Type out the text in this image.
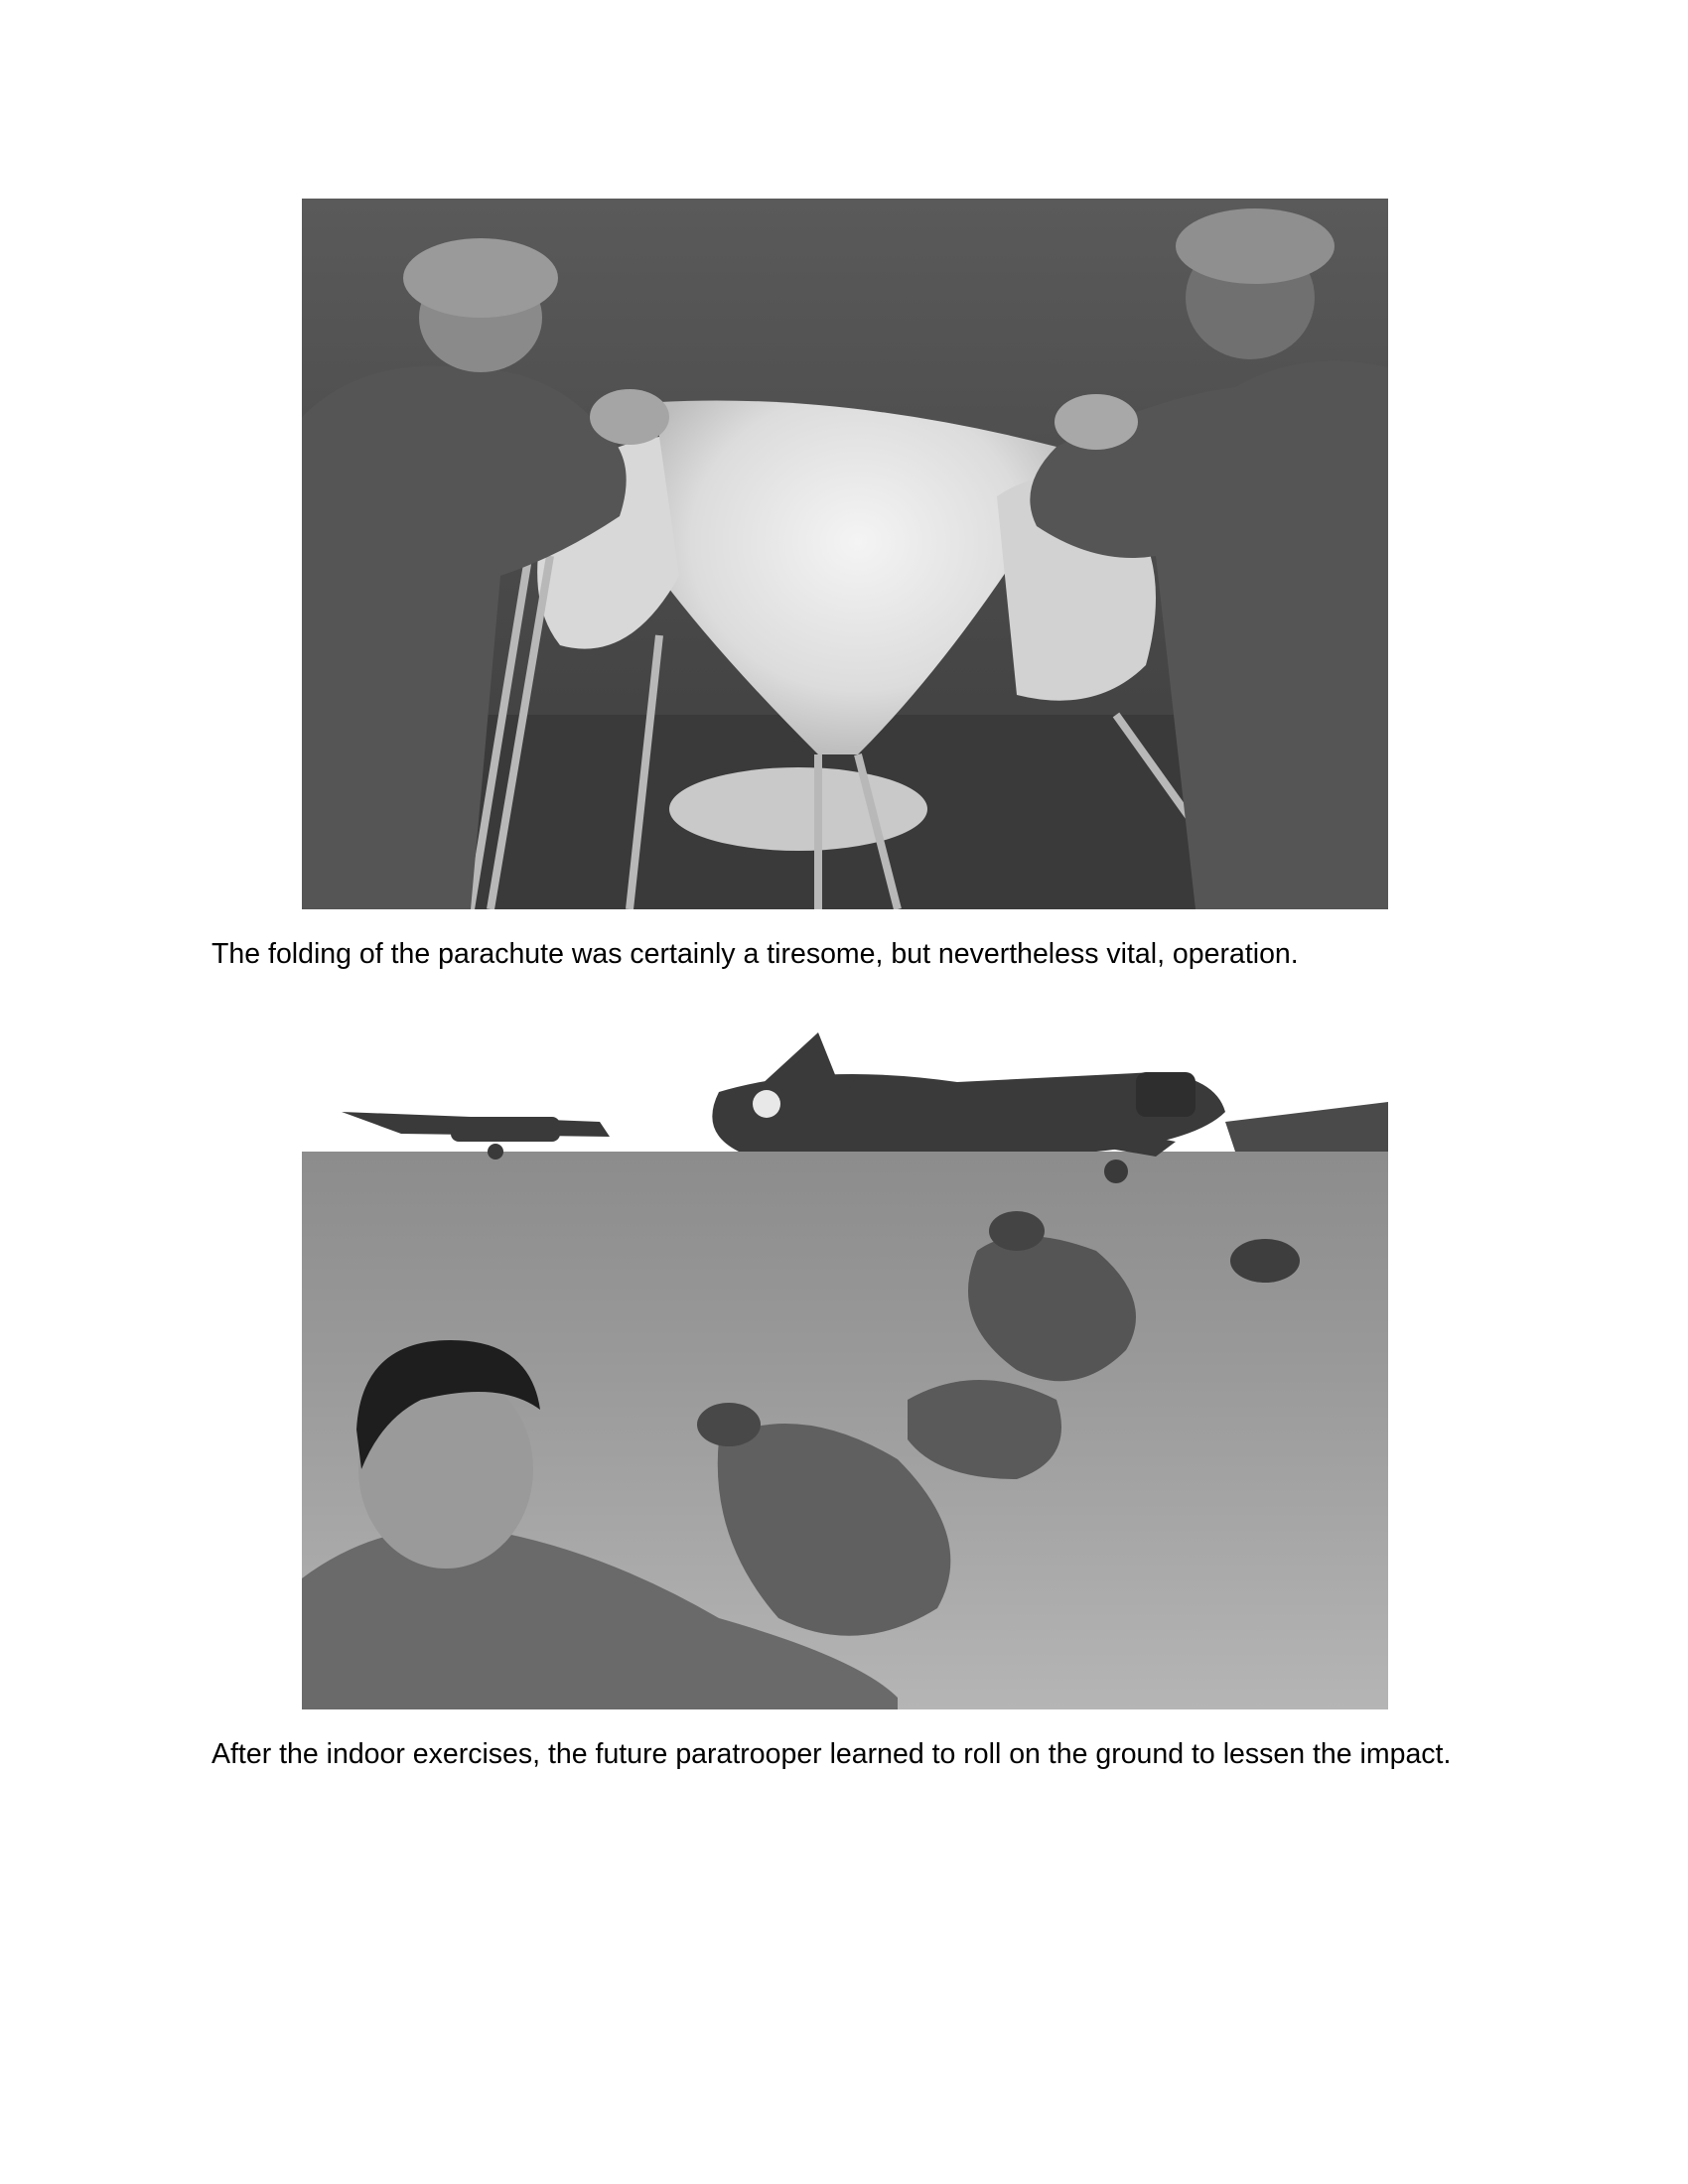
The folding of the parachute was certainly a tiresome, but nevertheless vital, operation.

After the indoor exercises, the future paratrooper learned to roll on the ground to lessen the impact.
